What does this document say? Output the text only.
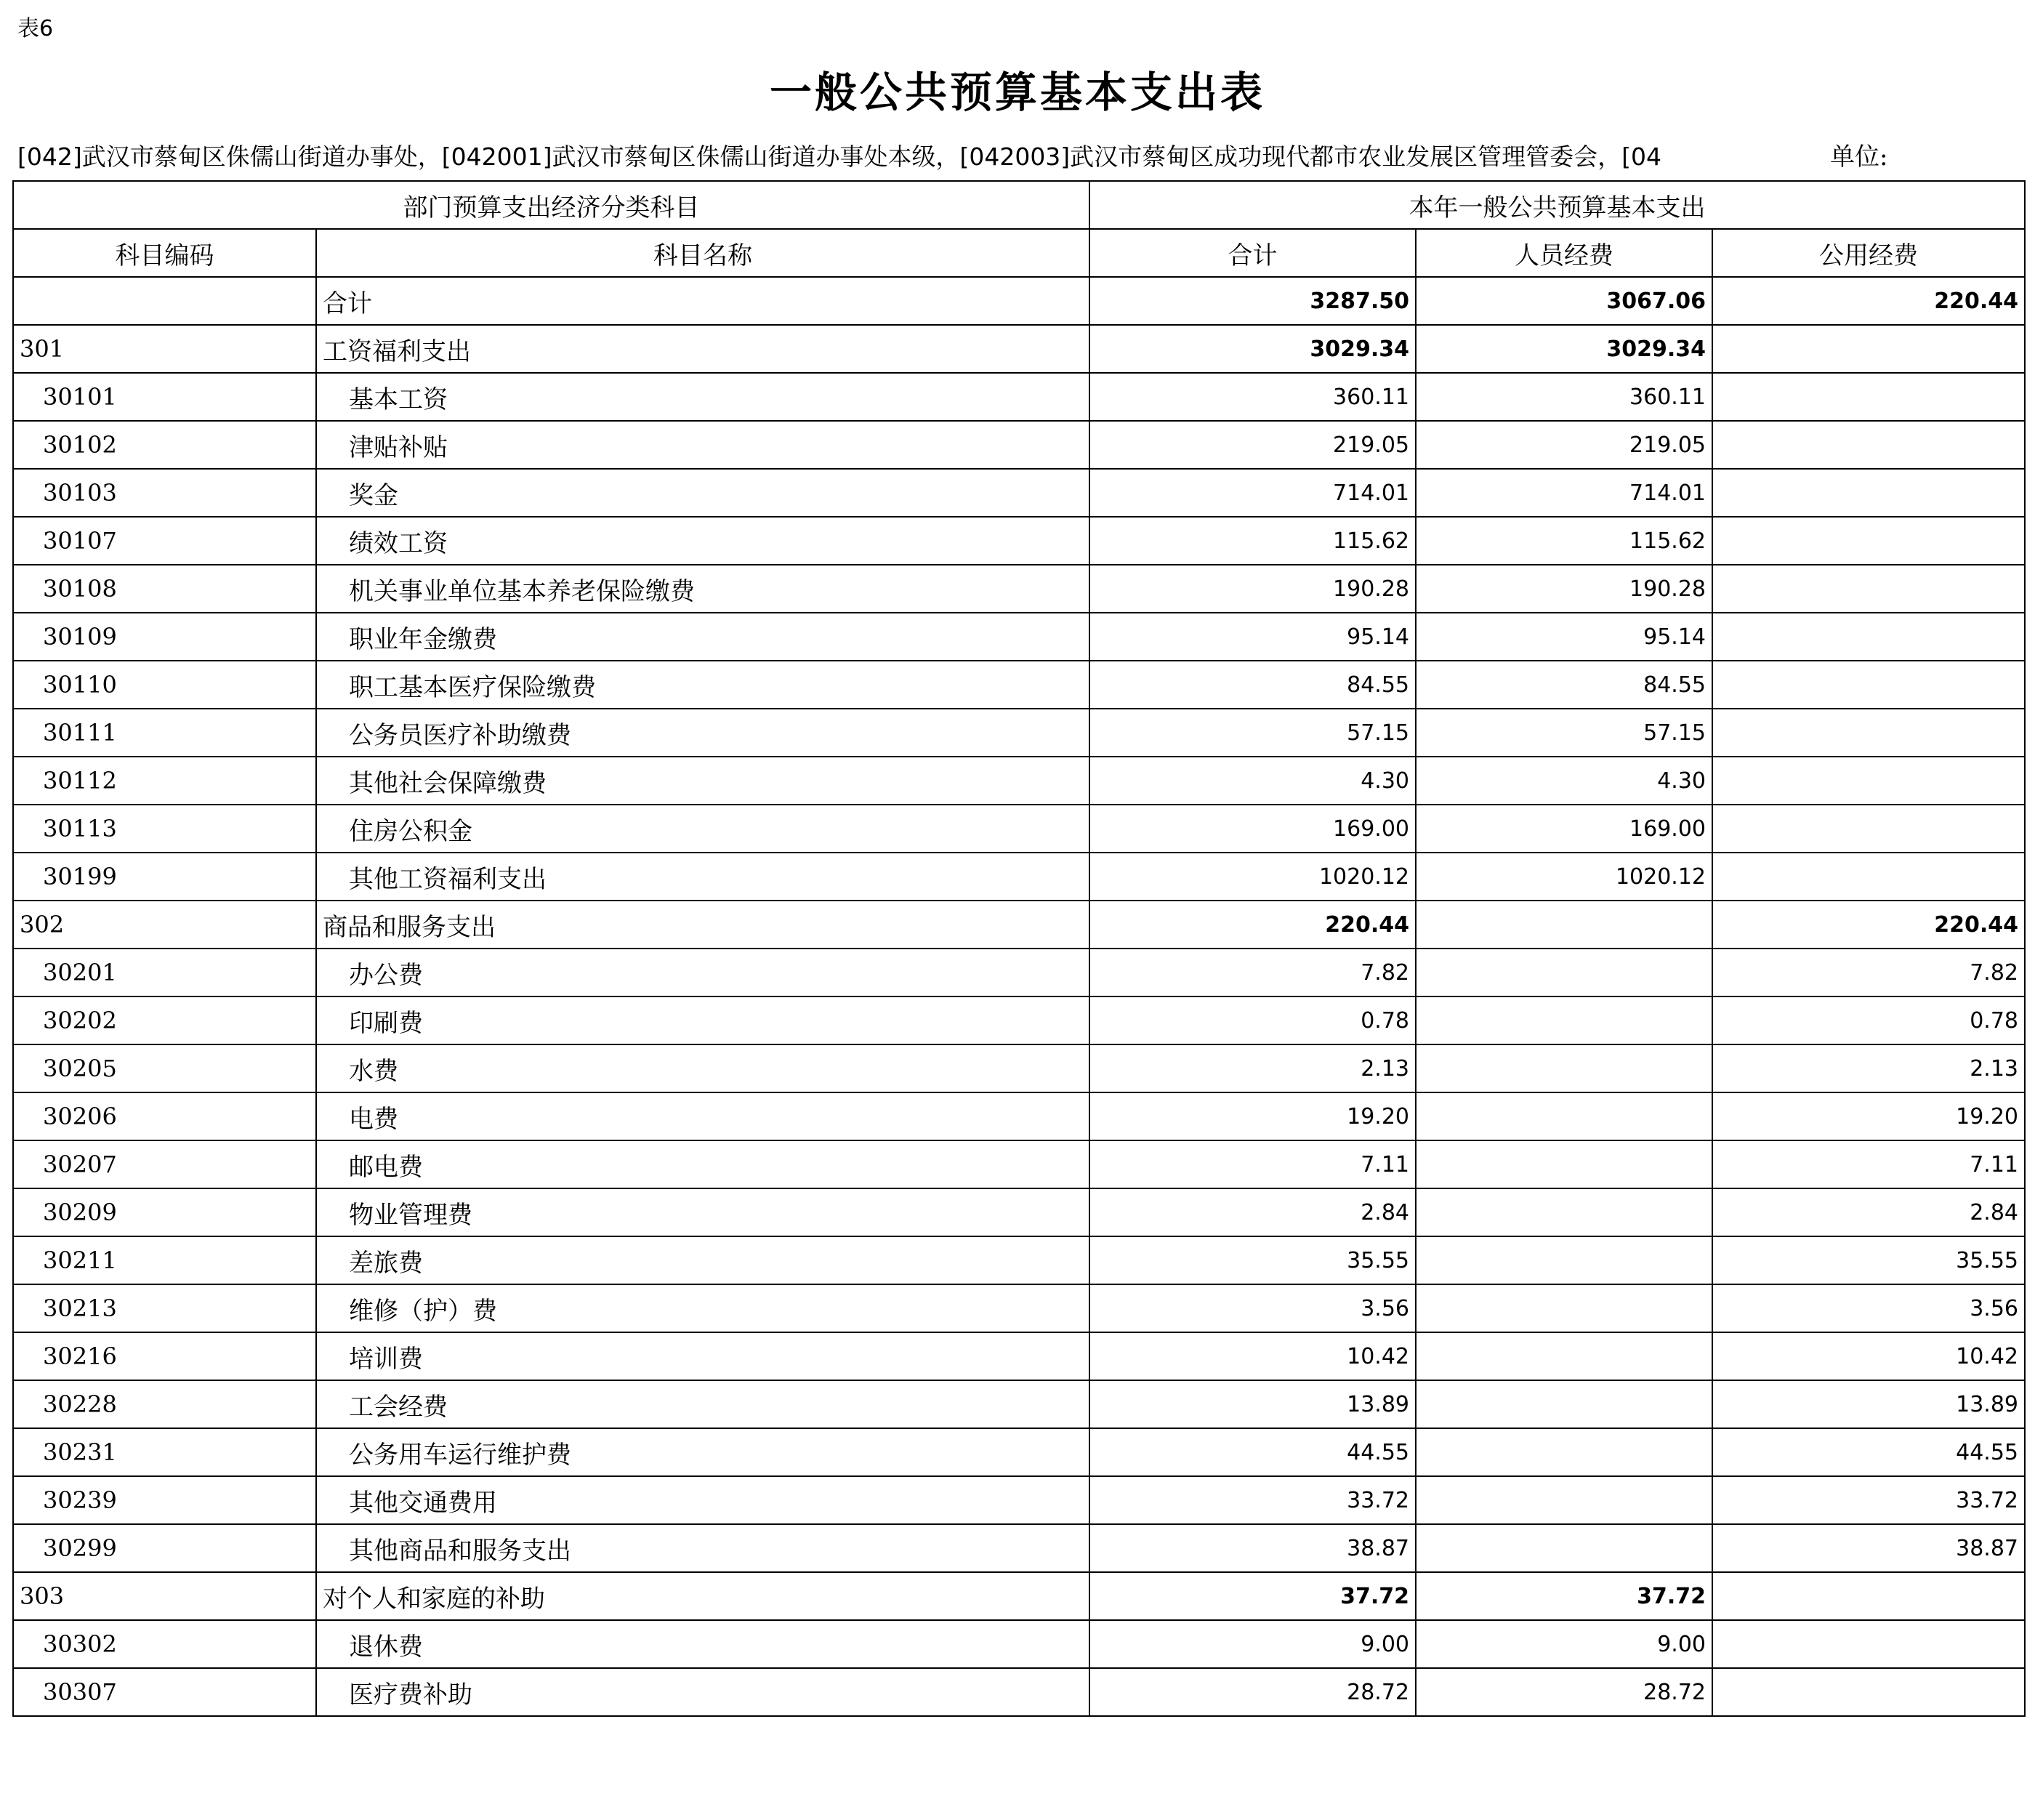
表6
一般公共预算基本支出表
[042]武汉市蔡甸区侏儒山街道办事处，[042001]武汉市蔡甸区侏儒山街道办事处本级，[042003]武汉市蔡甸区成功现代都市农业发展区管理管委会，[04	单位:
部门预算支出经济分类科目		本年一般公共预算基本支出		
科目编码	科目名称	合计	人员经费	公用经费
	合计	3287.50	3067.06	220.44
301	工资福利支出	3029.34	3029.34	
30101	基本工资	360.11	360.11	
30102	津贴补贴	219.05	219.05	
30103	奖金	714.01	714.01	
30107	绩效工资	115.62	115.62	
30108	机关事业单位基本养老保险缴费	190.28	190.28	
30109	职业年金缴费	95.14	95.14	
30110	职工基本医疗保险缴费	84.55	84.55	
30111	公务员医疗补助缴费	57.15	57.15	
30112	其他社会保障缴费	4.30	4.30	
30113	住房公积金	169.00	169.00	
30199	其他工资福利支出	1020.12	1020.12	
302	商品和服务支出	220.44		220.44
30201	办公费	7.82		7.82
30202	印刷费	0.78		0.78
30205	水费	2.13		2.13
30206	电费	19.20		19.20
30207	邮电费	7.11		7.11
30209	物业管理费	2.84		2.84
30211	差旅费	35.55		35.55
30213	维修（护）费	3.56		3.56
30216	培训费	10.42		10.42
30228	工会经费	13.89		13.89
30231	公务用车运行维护费	44.55		44.55
30239	其他交通费用	33.72		33.72
30299	其他商品和服务支出	38.87		38.87
303	对个人和家庭的补助	37.72	37.72	
30302	退休费	9.00	9.00	
30307	医疗费补助	28.72	28.72	
